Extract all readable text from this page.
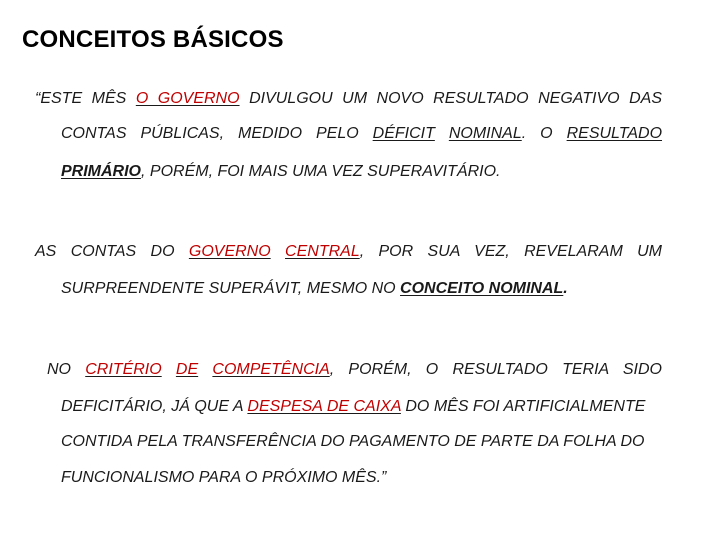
CONCEITOS BÁSICOS
“ESTE MÊS O GOVERNO DIVULGOU UM NOVO RESULTADO NEGATIVO DAS
CONTAS PÚBLICAS, MEDIDO PELO DÉFICIT NOMINAL. O RESULTADO
PRIMÁRIO, PORÉM, FOI MAIS UMA VEZ SUPERAVITÁRIO.
AS CONTAS DO GOVERNO CENTRAL, POR SUA VEZ, REVELARAM UM
SURPREENDENTE SUPERÁVIT, MESMO NO CONCEITO NOMINAL.
NO CRITÉRIO DE COMPETÊNCIA, PORÉM, O RESULTADO TERIA SIDO
DEFICITÁRIO, JÁ QUE A DESPESA DE CAIXA DO MÊS FOI ARTIFICIALMENTE
CONTIDA PELA TRANSFERÊNCIA DO PAGAMENTO DE PARTE DA FOLHA DO
FUNCIONALISMO PARA O PRÓXIMO MÊS.”
